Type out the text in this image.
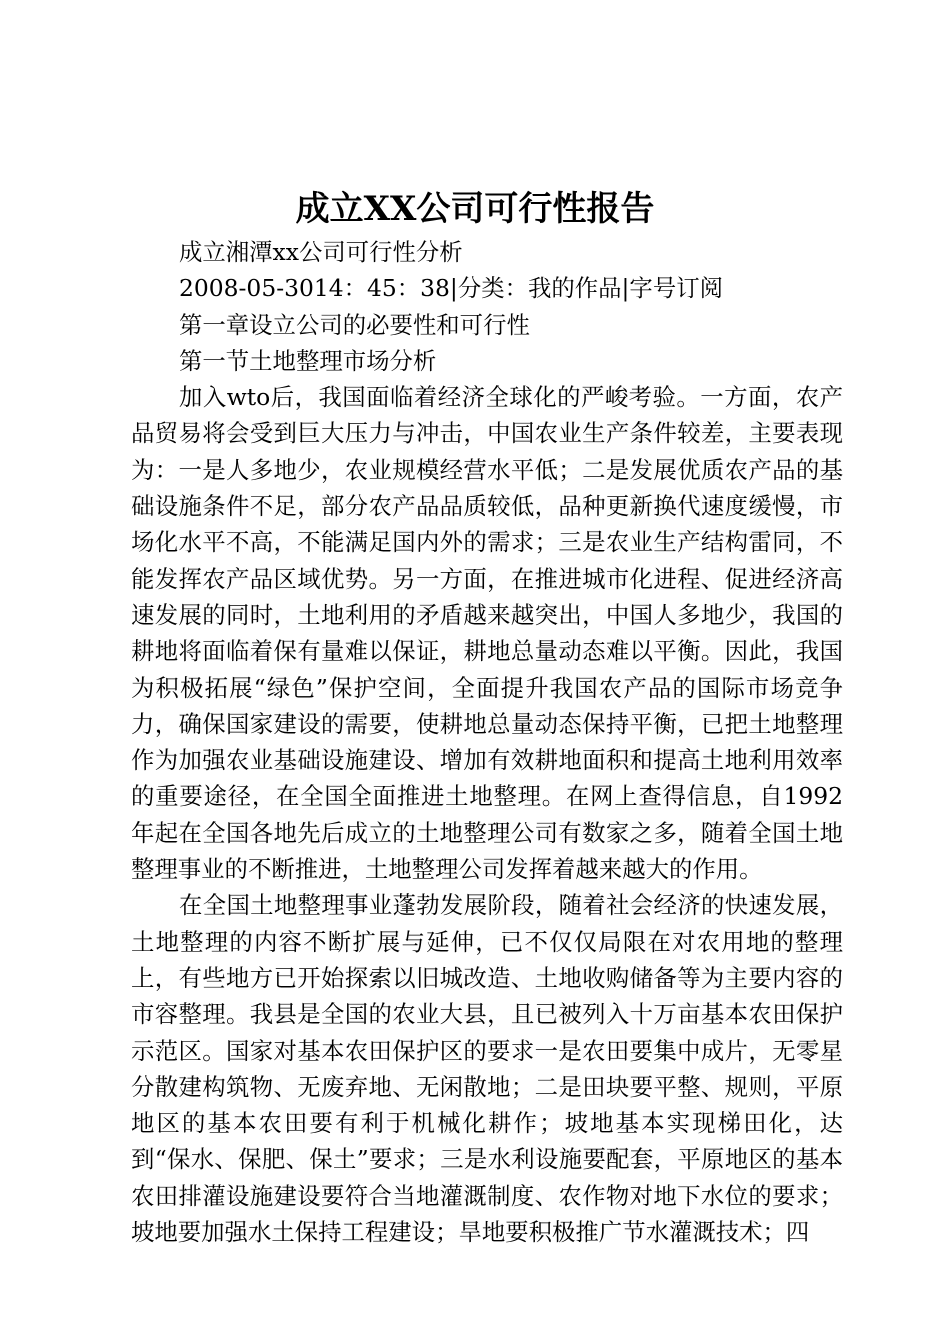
成立XX公司可行性报告

成立湘潭xx公司可行性分析

2008-05-3014：45：38|分类：我的作品|字号订阅

第一章设立公司的必要性和可行性

第一节土地整理市场分析

加入wto后，我国面临着经济全球化的严峻考验。一方面，农产品贸易将会受到巨大压力与冲击，中国农业生产条件较差，主要表现为：一是人多地少，农业规模经营水平低；二是发展优质农产品的基础设施条件不足，部分农产品品质较低，品种更新换代速度缓慢，市场化水平不高，不能满足国内外的需求；三是农业生产结构雷同，不能发挥农产品区域优势。另一方面，在推进城市化进程、促进经济高速发展的同时，土地利用的矛盾越来越突出，中国人多地少，我国的耕地将面临着保有量难以保证，耕地总量动态难以平衡。因此，我国为积极拓展“绿色”保护空间，全面提升我国农产品的国际市场竞争力，确保国家建设的需要，使耕地总量动态保持平衡，已把土地整理作为加强农业基础设施建设、增加有效耕地面积和提高土地利用效率的重要途径，在全国全面推进土地整理。在网上查得信息，自1992年起在全国各地先后成立的土地整理公司有数家之多，随着全国土地整理事业的不断推进，土地整理公司发挥着越来越大的作用。

在全国土地整理事业蓬勃发展阶段，随着社会经济的快速发展，土地整理的内容不断扩展与延伸，已不仅仅局限在对农用地的整理上，有些地方已开始探索以旧城改造、土地收购储备等为主要内容的市容整理。我县是全国的农业大县，且已被列入十万亩基本农田保护示范区。国家对基本农田保护区的要求一是农田要集中成片，无零星分散建构筑物、无废弃地、无闲散地；二是田块要平整、规则，平原地区的基本农田要有利于机械化耕作；坡地基本实现梯田化，达到“保水、保肥、保土”要求；三是水利设施要配套，平原地区的基本农田排灌设施建设要符合当地灌溉制度、农作物对地下水位的要求；坡地要加强水土保持工程建设；旱地要积极推广节水灌溉技术；四
